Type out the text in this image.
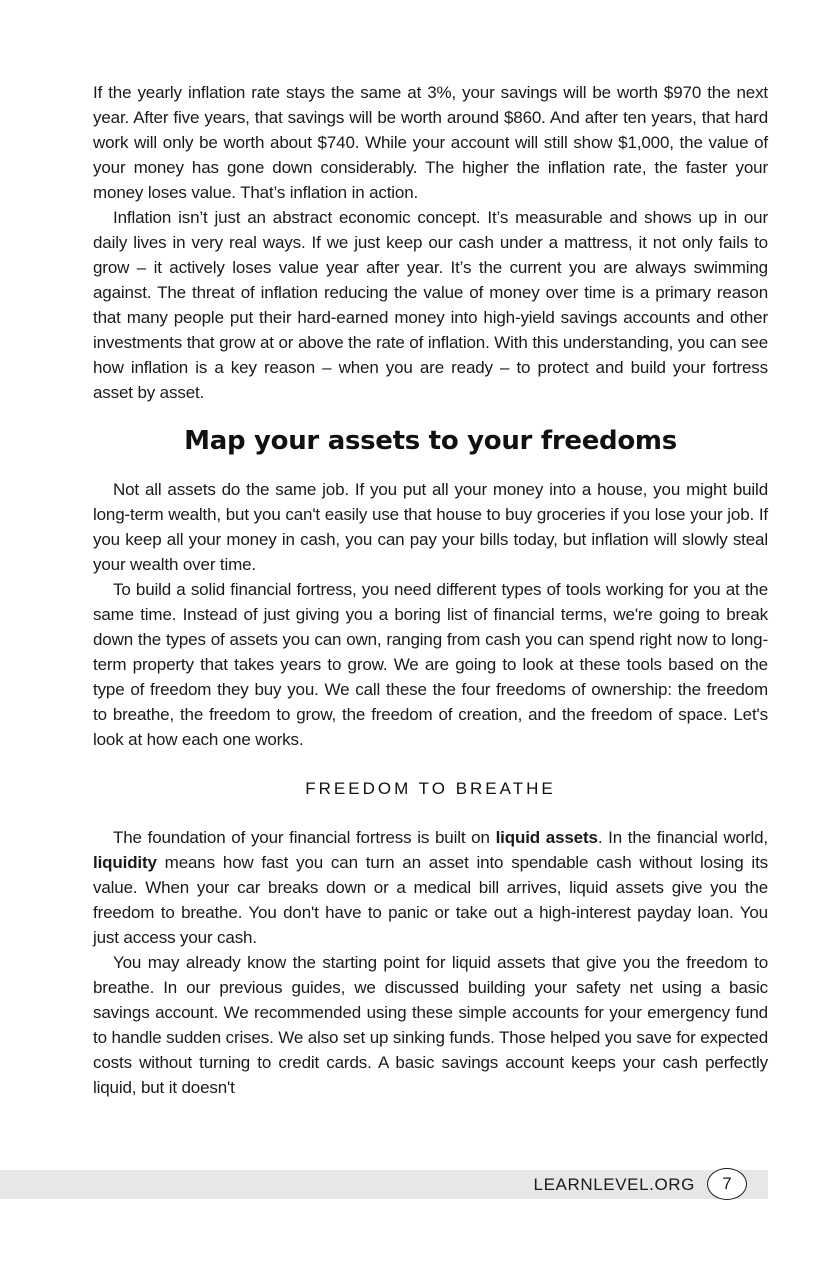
If the yearly inflation rate stays the same at 3%, your savings will be worth $970 the next year. After five years, that savings will be worth around $860. And after ten years, that hard work will only be worth about $740. While your account will still show $1,000, the value of your money has gone down considerably. The higher the inflation rate, the faster your money loses value. That’s inflation in action.

Inflation isn’t just an abstract economic concept. It’s measurable and shows up in our daily lives in very real ways. If we just keep our cash under a mattress, it not only fails to grow – it actively loses value year after year. It’s the current you are always swimming against. The threat of inflation reducing the value of money over time is a primary reason that many people put their hard-earned money into high-yield savings accounts and other investments that grow at or above the rate of inflation. With this understanding, you can see how inflation is a key reason – when you are ready – to protect and build your fortress asset by asset.

Map your assets to your freedoms

Not all assets do the same job. If you put all your money into a house, you might build long-term wealth, but you can't easily use that house to buy groceries if you lose your job. If you keep all your money in cash, you can pay your bills today, but inflation will slowly steal your wealth over time.

To build a solid financial fortress, you need different types of tools working for you at the same time. Instead of just giving you a boring list of financial terms, we're going to break down the types of assets you can own, ranging from cash you can spend right now to long-term property that takes years to grow. We are going to look at these tools based on the type of freedom they buy you. We call these the four freedoms of ownership: the freedom to breathe, the freedom to grow, the freedom of creation, and the freedom of space. Let's look at how each one works.

FREEDOM TO BREATHE

The foundation of your financial fortress is built on liquid assets. In the financial world, liquidity means how fast you can turn an asset into spendable cash without losing its value. When your car breaks down or a medical bill arrives, liquid assets give you the freedom to breathe. You don't have to panic or take out a high-interest payday loan. You just access your cash.

You may already know the starting point for liquid assets that give you the freedom to breathe. In our previous guides, we discussed building your safety net using a basic savings account. We recommended using these simple accounts for your emergency fund to handle sudden crises. We also set up sinking funds. Those helped you save for expected costs without turning to credit cards. A basic savings account keeps your cash perfectly liquid, but it doesn't

LEARNLEVEL.ORG	7
